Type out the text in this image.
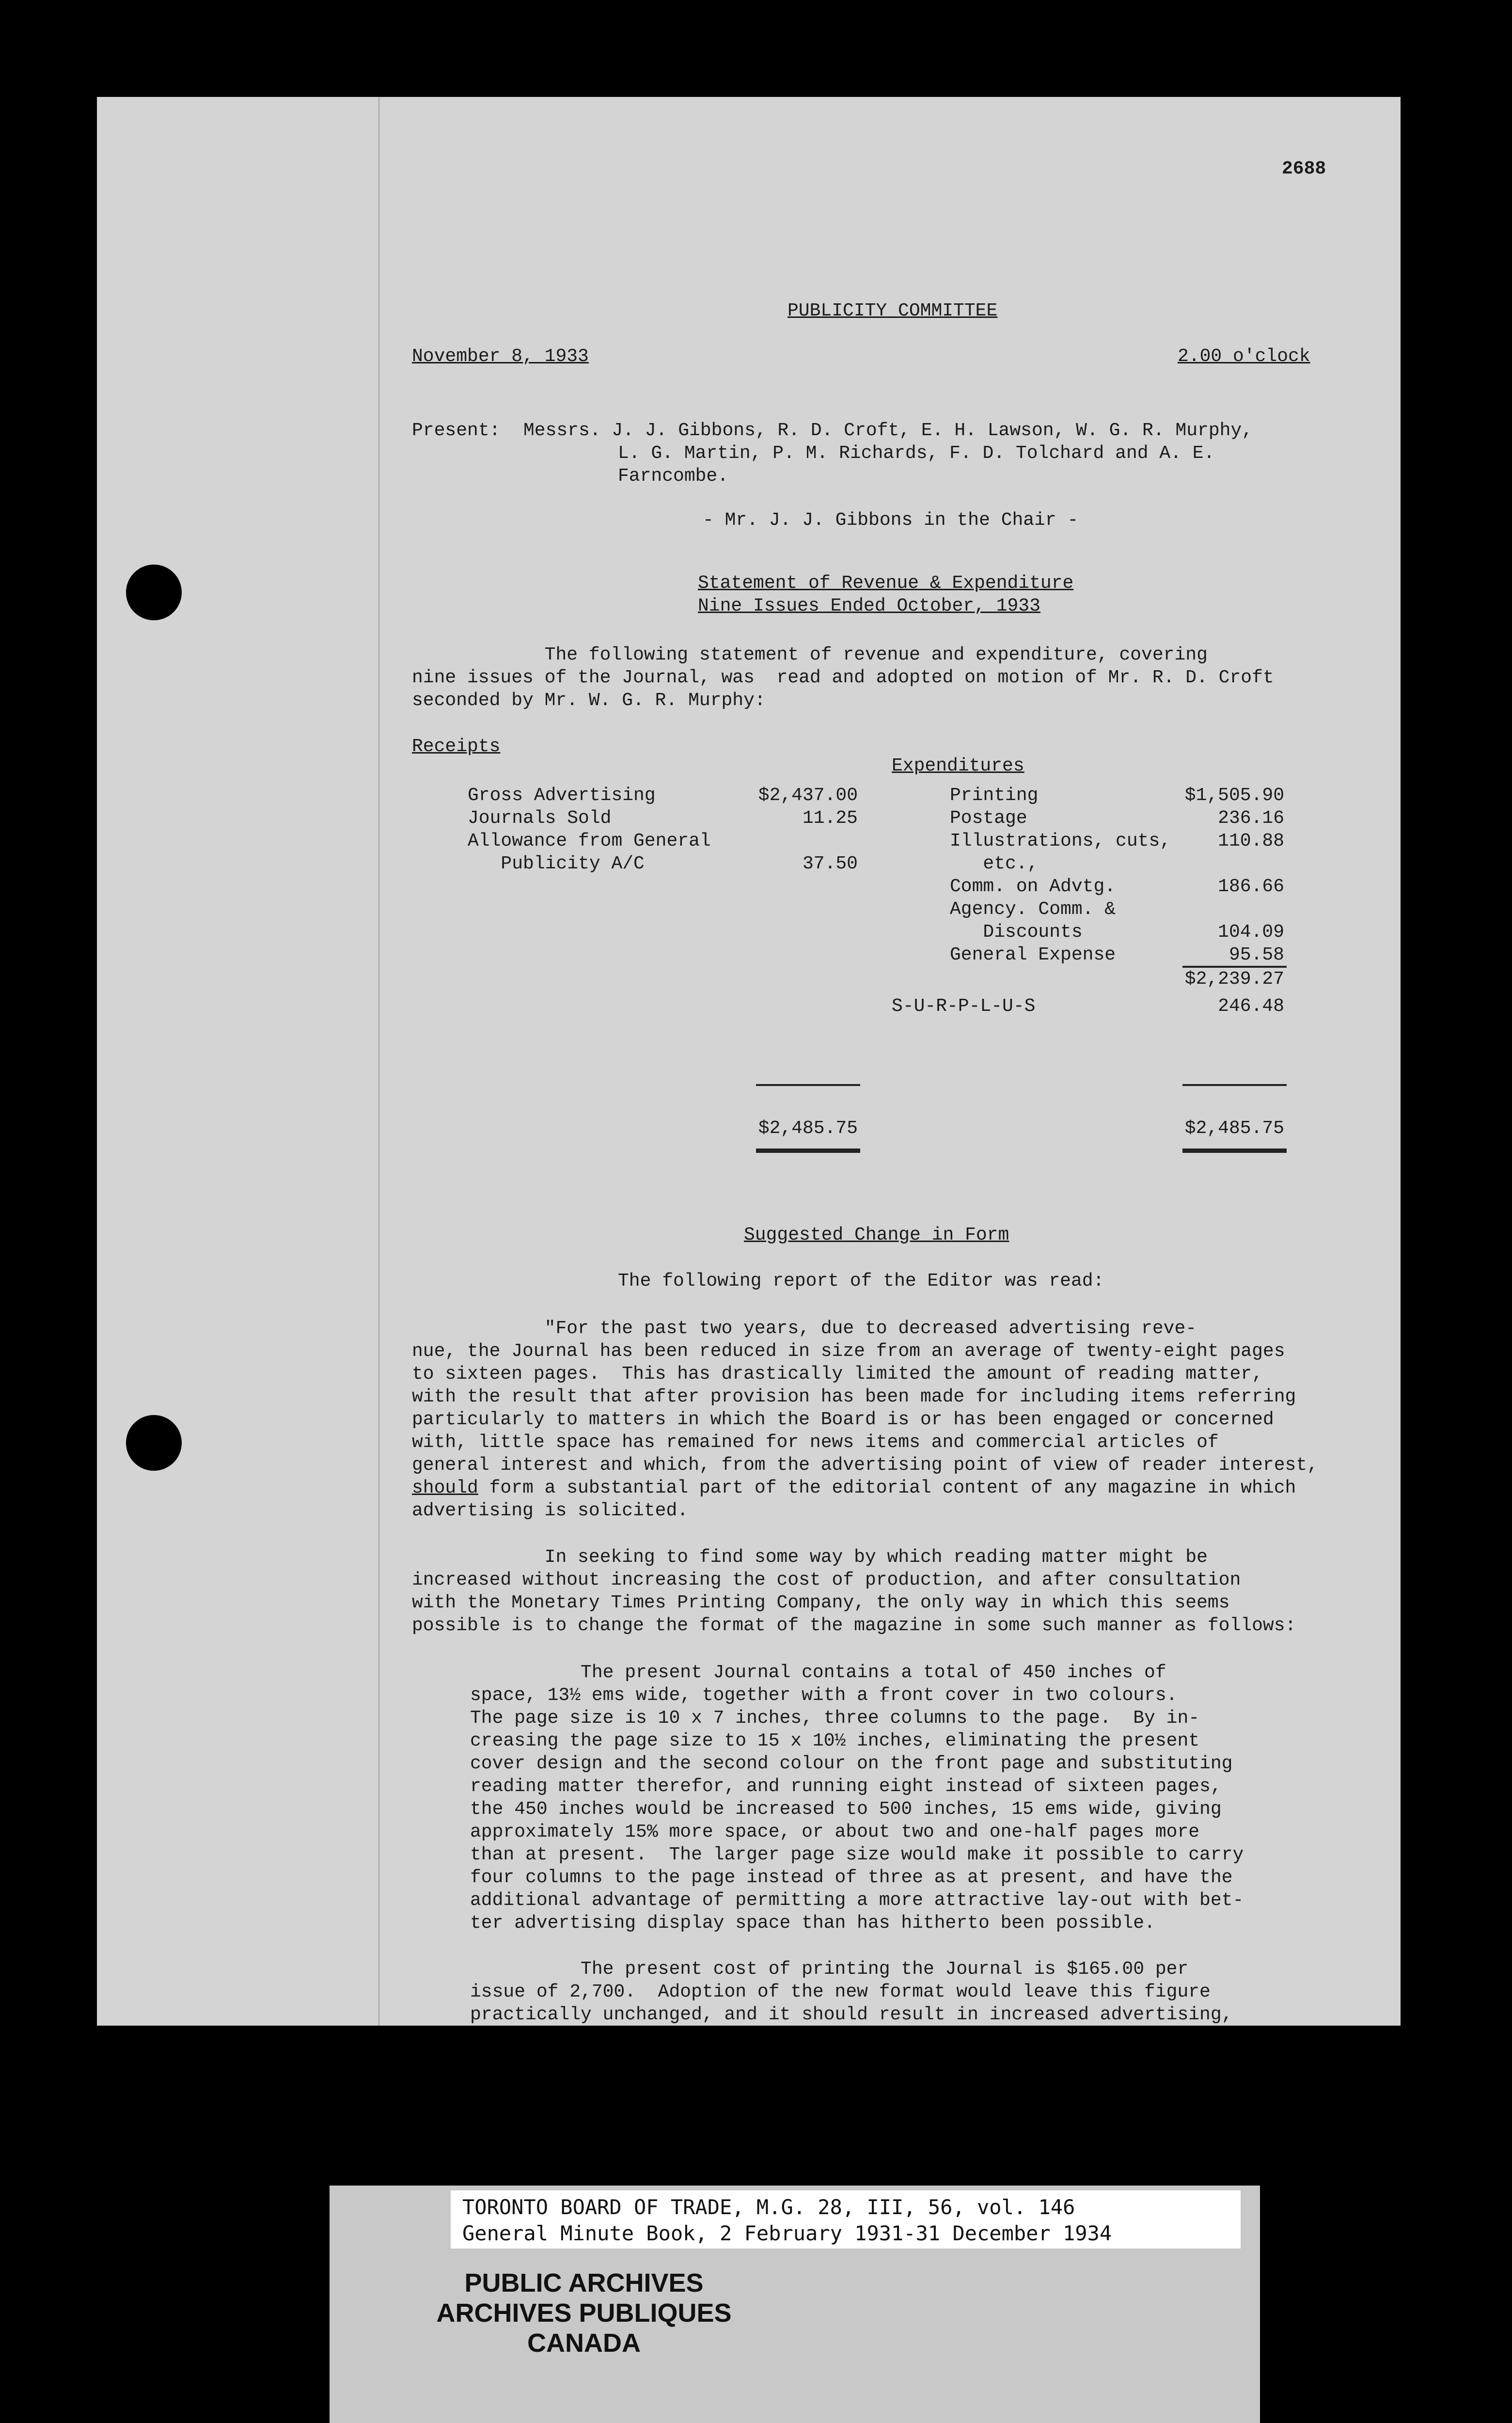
2688

PUBLICITY COMMITTEE

November 8, 1933	2.00 o'clock

Present: Messrs. J. J. Gibbons, R. D. Croft, E. H. Lawson, W. G. R. Murphy,

L. G. Martin, P. M. Richards, F. D. Tolchard and A. E.

Farncombe.

- Mr. J. J. Gibbons in the Chair -

Statement of Revenue & Expenditure

Nine Issues Ended October, 1933

The following statement of revenue and expenditure, covering
nine issues of the Journal, was  read and adopted on motion of Mr. R. D. Croft
seconded by Mr. W. G. R. Murphy:

Receipts

Expenditures

Gross Advertising	$2,437.00

Journals Sold	11.25

Allowance from General

Publicity A/C	37.50

$2,485.75

Printing	$1,505.90

Postage	236.16

Illustrations, cuts,	110.88

etc.,

Comm. on Advtg.	186.66

Agency. Comm. &

Discounts	104.09

General Expense	95.58

$2,239.27

S-U-R-P-L-U-S	246.48

$2,485.75

Suggested Change in Form

The following report of the Editor was read:

"For the past two years, due to decreased advertising reve-
nue, the Journal has been reduced in size from an average of twenty-eight pages
to sixteen pages.  This has drastically limited the amount of reading matter,
with the result that after provision has been made for including items referring
particularly to matters in which the Board is or has been engaged or concerned
with, little space has remained for news items and commercial articles of
general interest and which, from the advertising point of view of reader interest,

should form a substantial part of the editorial content of any magazine in which
advertising is solicited.

In seeking to find some way by which reading matter might be
increased without increasing the cost of production, and after consultation
with the Monetary Times Printing Company, the only way in which this seems
possible is to change the format of the magazine in some such manner as follows:

The present Journal contains a total of 450 inches of
space, 13½ ems wide, together with a front cover in two colours.
The page size is 10 x 7 inches, three columns to the page.  By in-
creasing the page size to 15 x 10½ inches, eliminating the present
cover design and the second colour on the front page and substituting
reading matter therefor, and running eight instead of sixteen pages,
the 450 inches would be increased to 500 inches, 15 ems wide, giving
approximately 15% more space, or about two and one-half pages more
than at present.  The larger page size would make it possible to carry
four columns to the page instead of three as at present, and have the
additional advantage of permitting a more attractive lay-out with bet-
ter advertising display space than has hitherto been possible.

The present cost of printing the Journal is $165.00 per
issue of 2,700.  Adoption of the new format would leave this figure
practically unchanged, and it should result in increased advertising,

TORONTO BOARD OF TRADE, M.G. 28, III, 56, vol. 146
General Minute Book, 2 February 1931-31 December 1934
PUBLIC ARCHIVES
ARCHIVES PUBLIQUES
CANADA
